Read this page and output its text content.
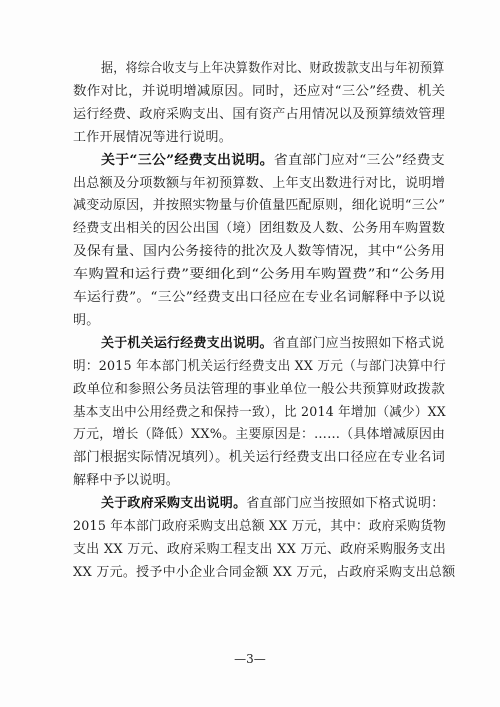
据，将综合收支与上年决算数作对比、财政拨款支出与年初预算
数作对比，并说明增减原因。同时，还应对“三公”经费、机关
运行经费、政府采购支出、国有资产占用情况以及预算绩效管理
工作开展情况等进行说明。
关于“三公”经费支出说明。省直部门应对“三公”经费支
出总额及分项数额与年初预算数、上年支出数进行对比，说明增
减变动原因，并按照实物量与价值量匹配原则，细化说明“三公”
经费支出相关的因公出国（境）团组数及人数、公务用车购置数
及保有量、国内公务接待的批次及人数等情况，其中“公务用
车购置和运行费”要细化到“公务用车购置费”和“公务用
车运行费”。“三公”经费支出口径应在专业名词解释中予以说
明。
关于机关运行经费支出说明。省直部门应当按照如下格式说
明：2015 年本部门机关运行经费支出 XX 万元（与部门决算中行
政单位和参照公务员法管理的事业单位一般公共预算财政拨款
基本支出中公用经费之和保持一致），比 2014 年增加（减少）XX
万元，增长（降低）XX%。主要原因是：……（具体增减原因由
部门根据实际情况填列）。机关运行经费支出口径应在专业名词
解释中予以说明。
关于政府采购支出说明。省直部门应当按照如下格式说明：
2015 年本部门政府采购支出总额 XX 万元，其中：政府采购货物
支出 XX 万元、政府采购工程支出 XX 万元、政府采购服务支出
XX 万元。授予中小企业合同金额 XX 万元，占政府采购支出总额
—3—
